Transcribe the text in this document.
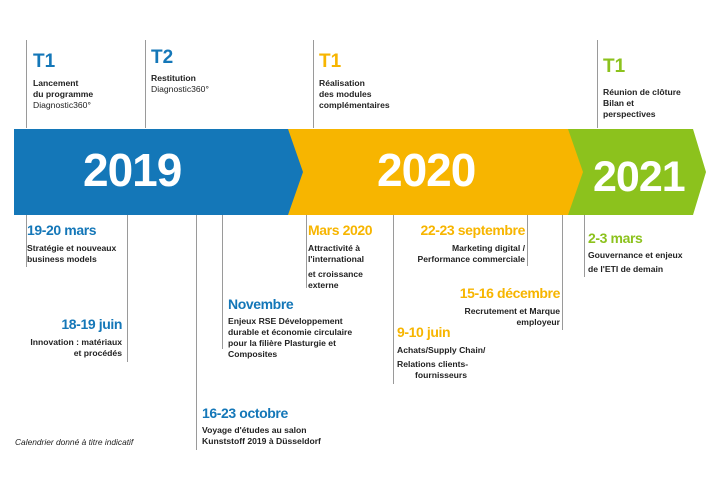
2019	2020	2021
T1
Lancement
du programme
Diagnostic360°
T2
Restitution
Diagnostic360°
T1
Réalisation
des modules
complémentaires
T1
Réunion de clôture
Bilan et
perspectives
19-20 mars
Stratégie et nouveaux
business models
18-19 juin
Innovation : matériaux
et procédés
Novembre
Enjeux RSE Développement
durable et économie circulaire
pour la filière Plasturgie et
Composites
16-23 octobre
Voyage d'études au salon
Kunststoff 2019 à Düsseldorf
Mars 2020
Attractivité à
l'international
et croissance
externe
22-23 septembre
Marketing digital /
Performance commerciale
15-16 décembre
Recrutement et Marque
employeur
9-10 juin
Achats/Supply Chain/
Relations clients-
fournisseurs
2-3 mars
Gouvernance et enjeux
de l'ETI de demain
Calendrier donné à titre indicatif
